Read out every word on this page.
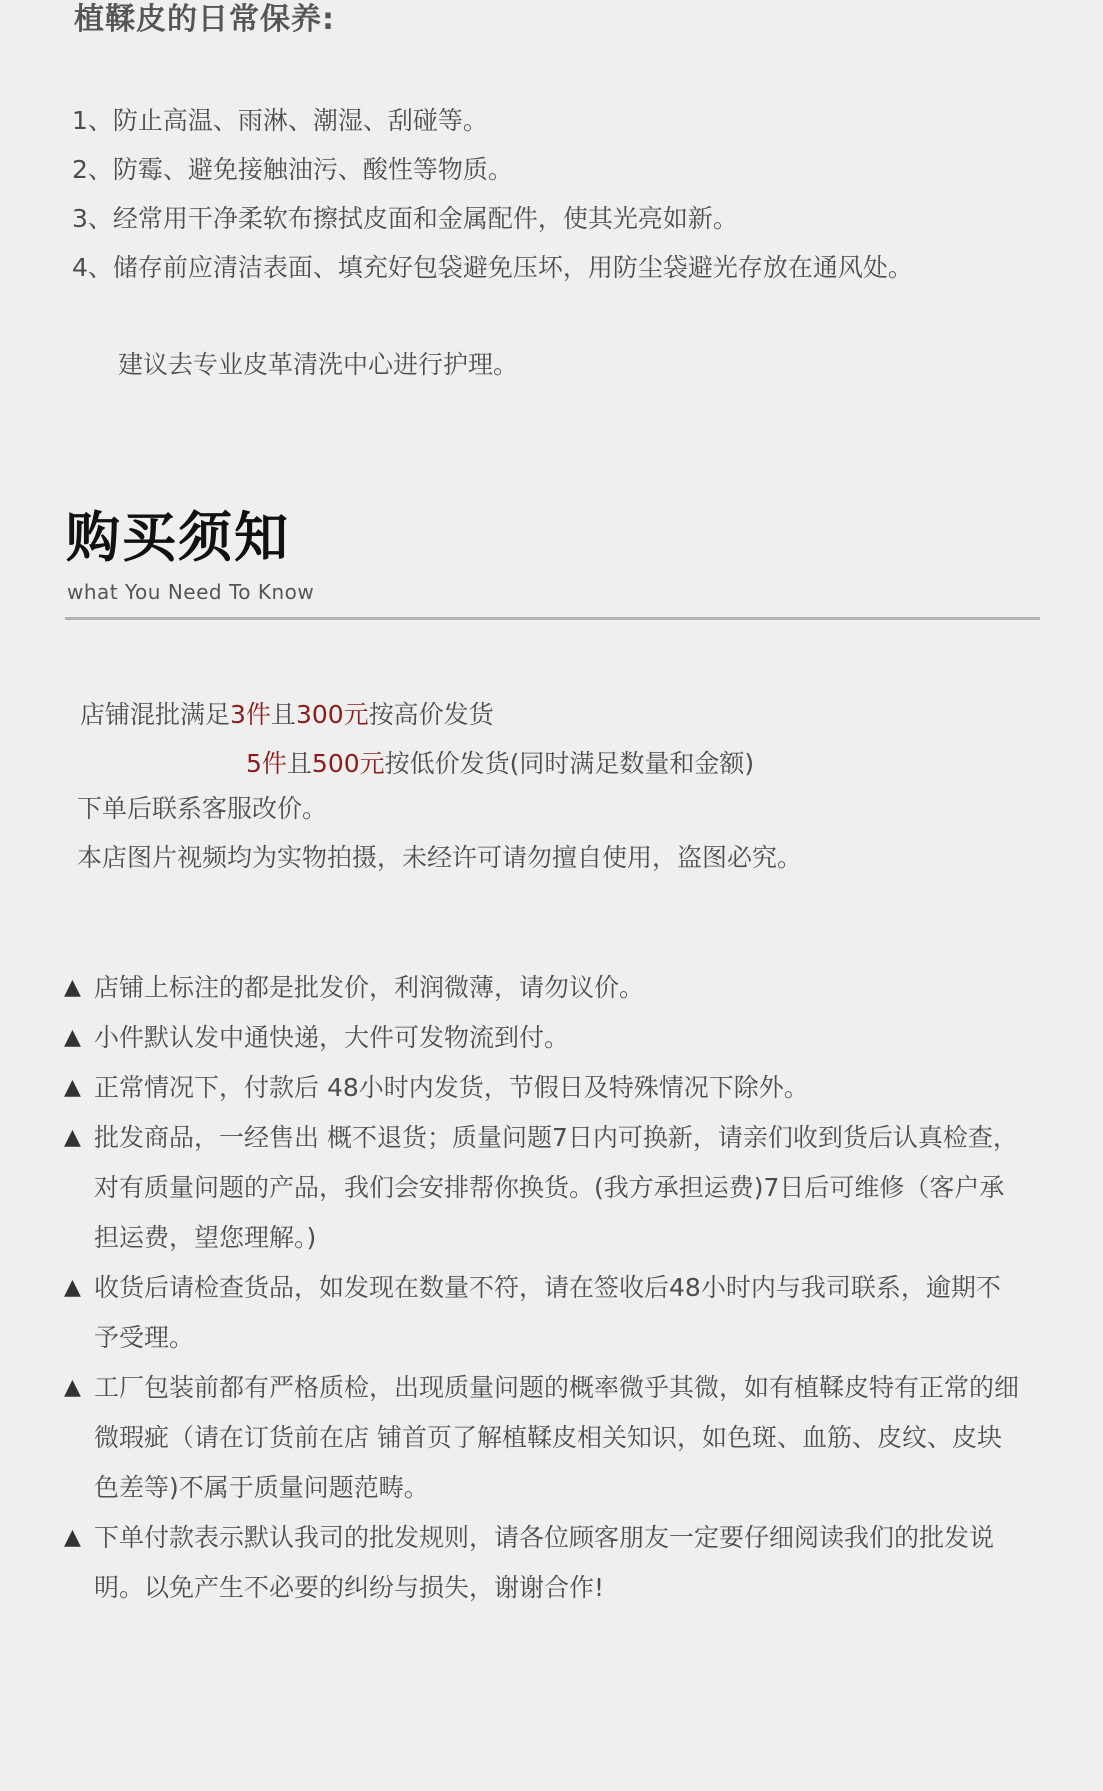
植鞣皮的日常保养:
1、防止高温、雨淋、潮湿、刮碰等。
2、防霉、避免接触油污、酸性等物质。
3、经常用干净柔软布擦拭皮面和金属配件，使其光亮如新。
4、储存前应清洁表面、填充好包袋避免压坏，用防尘袋避光存放在通风处。
建议去专业皮革清洗中心进行护理。
购买须知
what You Need To Know
店铺混批满足3件且300元按高价发货
5件且500元按低价发货(同时满足数量和金额)
下单后联系客服改价。
本店图片视频均为实物拍摄，未经许可请勿擅自使用，盗图必究。
▲ 店铺上标注的都是批发价，利润微薄，请勿议价。
▲ 小件默认发中通快递，大件可发物流到付。
▲ 正常情况下，付款后 48小时内发货，节假日及特殊情况下除外。
▲ 批发商品，一经售出 概不退货；质量问题7日内可换新，请亲们收到货后认真检查，对有质量问题的产品，我们会安排帮你换货。(我方承担运费)7日后可维修（客户承担运费，望您理解。)
▲ 收货后请检查货品，如发现在数量不符，请在签收后48小时内与我司联系，逾期不予受理。
▲ 工厂包装前都有严格质检，出现质量问题的概率微乎其微，如有植鞣皮特有正常的细微瑕疵（请在订货前在店 铺首页了解植鞣皮相关知识，如色斑、血筋、皮纹、皮块色差等)不属于质量问题范畴。
▲ 下单付款表示默认我司的批发规则，请各位顾客朋友一定要仔细阅读我们的批发说明。以免产生不必要的纠纷与损失，谢谢合作!
